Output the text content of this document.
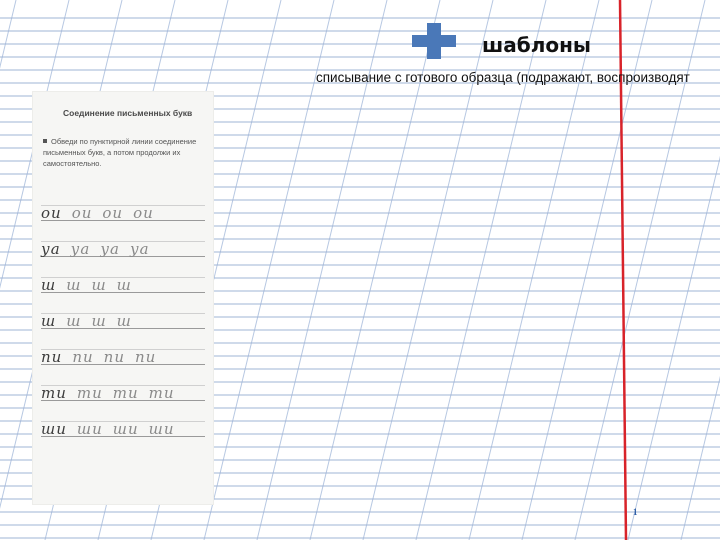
шаблоны
списывание с готового образца (подражают, воспроизводят
Соединение письменных букв
Обведи по пунктирной линии соединение письменных букв, а потом продолжи их самостоятельно.
ои ои ои ои
уа уа уа уа
ш ш ш ш
ш ш ш ш
пи пи пи пи
ти ти ти ти
ши ши ши ши
1
